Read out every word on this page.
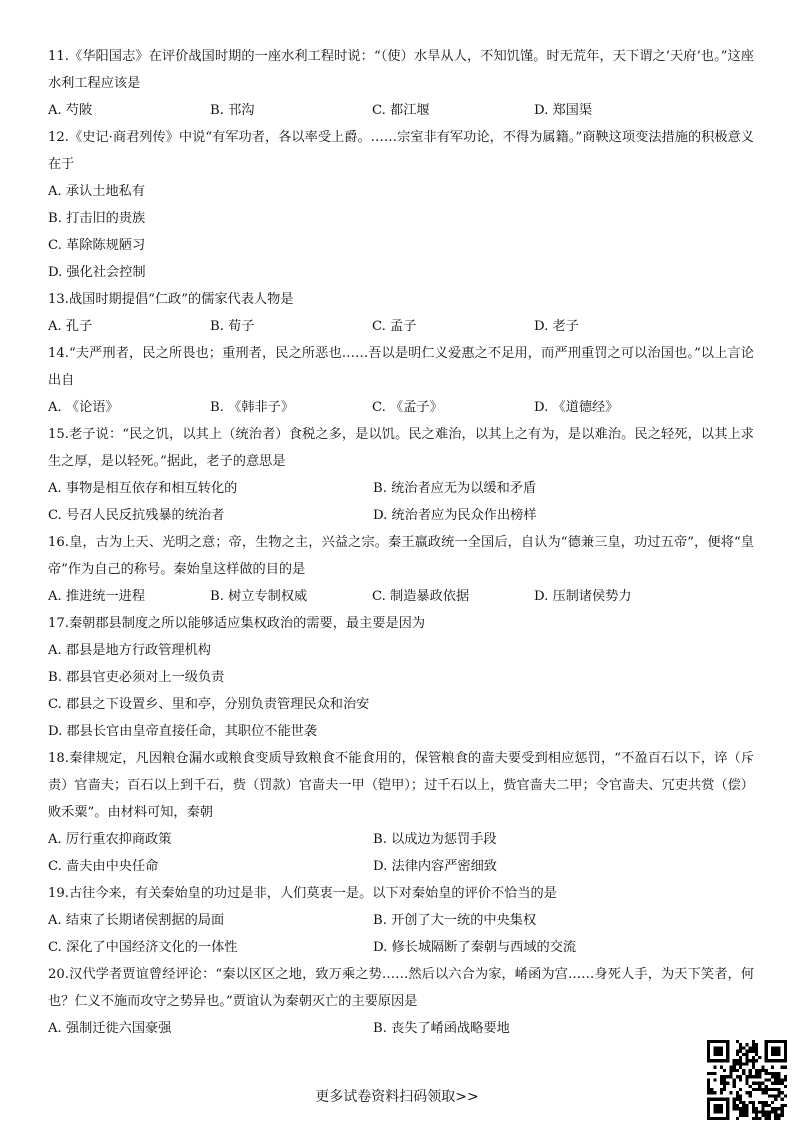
11.《华阳国志》在评价战国时期的一座水利工程时说：“（使）水旱从人，不知饥馑。时无荒年，天下谓之‘天府’也。”这座水利工程应该是
A. 芍陂	B. 邗沟	C. 都江堰	D. 郑国渠
12.《史记·商君列传》中说“有军功者，各以率受上爵。……宗室非有军功论，不得为属籍。”商鞅这项变法措施的积极意义在于
A. 承认土地私有
B. 打击旧的贵族
C. 革除陈规陋习
D. 强化社会控制
13.战国时期提倡“仁政”的儒家代表人物是
A. 孔子	B. 荀子	C. 孟子	D. 老子
14.“夫严刑者，民之所畏也；重刑者，民之所恶也……吾以是明仁义爱惠之不足用，而严刑重罚之可以治国也。”以上言论出自
A. 《论语》	B. 《韩非子》	C. 《孟子》	D. 《道德经》
15.老子说：“民之饥，以其上（统治者）食税之多，是以饥。民之难治，以其上之有为，是以难治。民之轻死，以其上求生之厚，是以轻死。”据此，老子的意思是
A. 事物是相互依存和相互转化的	B. 统治者应无为以缓和矛盾
C. 号召人民反抗残暴的统治者	D. 统治者应为民众作出榜样
16.皇，古为上天、光明之意；帝，生物之主，兴益之宗。秦王嬴政统一全国后，自认为“德兼三皇，功过五帝”，便将“皇帝”作为自己的称号。秦始皇这样做的目的是
A. 推进统一进程	B. 树立专制权威	C. 制造暴政依据	D. 压制诸侯势力
17.秦朝郡县制度之所以能够适应集权政治的需要，最主要是因为
A. 郡县是地方行政管理机构
B. 郡县官吏必须对上一级负责
C. 郡县之下设置乡、里和亭，分别负责管理民众和治安
D. 郡县长官由皇帝直接任命，其职位不能世袭
18.秦律规定，凡因粮仓漏水或粮食变质导致粮食不能食用的，保管粮食的啬夫要受到相应惩罚，“不盈百石以下，谇（斥责）官啬夫；百石以上到千石，赀（罚款）官啬夫一甲（铠甲）；过千石以上，赀官啬夫二甲；令官啬夫、冗吏共赏（偿）败禾粟”。由材料可知，秦朝
A. 厉行重农抑商政策	B. 以成边为惩罚手段
C. 啬夫由中央任命	D. 法律内容严密细致
19.古往今来，有关秦始皇的功过是非，人们莫衷一是。以下对秦始皇的评价不恰当的是
A. 结束了长期诸侯割据的局面	B. 开创了大一统的中央集权
C. 深化了中国经济文化的一体性	D. 修长城隔断了秦朝与西域的交流
20.汉代学者贾谊曾经评论：“秦以区区之地，致万乘之势……然后以六合为家，崤函为宫……身死人手，为天下笑者，何也？仁义不施而攻守之势异也。”贾谊认为秦朝灭亡的主要原因是
A. 强制迁徙六国豪强	B. 丧失了崤函战略要地
更多试卷资料扫码领取>>
